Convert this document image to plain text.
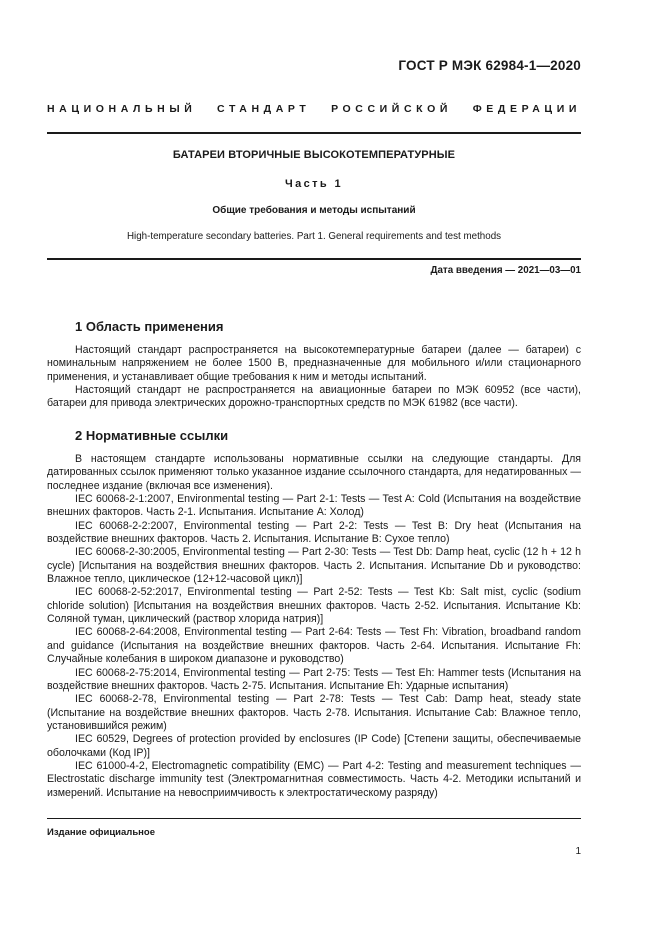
ГОСТ Р МЭК 62984-1—2020
НАЦИОНАЛЬНЫЙ СТАНДАРТ РОССИЙСКОЙ ФЕДЕРАЦИИ
БАТАРЕИ ВТОРИЧНЫЕ ВЫСОКОТЕМПЕРАТУРНЫЕ
Часть 1
Общие требования и методы испытаний
High-temperature secondary batteries. Part 1. General requirements and test methods
Дата введения — 2021—03—01
1 Область применения

Настоящий стандарт распространяется на высокотемпературные батареи (далее — батареи) с номинальным напряжением не более 1500 В, предназначенные для мобильного и/или стационарного применения, и устанавливает общие требования к ним и методы испытаний.

Настоящий стандарт не распространяется на авиационные батареи по МЭК 60952 (все части), батареи для привода электрических дорожно-транспортных средств по МЭК 61982 (все части).

2 Нормативные ссылки

В настоящем стандарте использованы нормативные ссылки на следующие стандарты. Для датированных ссылок применяют только указанное издание ссылочного стандарта, для недатированных — последнее издание (включая все изменения).

IEC 60068-2-1:2007, Environmental testing — Part 2-1: Tests — Test A: Cold (Испытания на воздействие внешних факторов. Часть 2-1. Испытания. Испытание А: Холод)

IEC 60068-2-2:2007, Environmental testing — Part 2-2: Tests — Test B: Dry heat (Испытания на воздействие внешних факторов. Часть 2. Испытания. Испытание В: Сухое тепло)

IEC 60068-2-30:2005, Environmental testing — Part 2-30: Tests — Test Db: Damp heat, cyclic (12 h + 12 h cycle) [Испытания на воздействия внешних факторов. Часть 2. Испытания. Испытание Db и руководство: Влажное тепло, циклическое (12+12-часовой цикл)]

IEC 60068-2-52:2017, Environmental testing — Part 2-52: Tests — Test Kb: Salt mist, cyclic (sodium chloride solution) [Испытания на воздействия внешних факторов. Часть 2-52. Испытания. Испытание Kb: Соляной туман, циклический (раствор хлорида натрия)]

IEC 60068-2-64:2008, Environmental testing — Part 2-64: Tests — Test Fh: Vibration, broadband random and guidance (Испытания на воздействие внешних факторов. Часть 2-64. Испытания. Испытание Fh: Случайные колебания в широком диапазоне и руководство)

IEC 60068-2-75:2014, Environmental testing — Part 2-75: Tests — Test Eh: Hammer tests (Испытания на воздействие внешних факторов. Часть 2-75. Испытания. Испытание Eh: Ударные испытания)

IEC 60068-2-78, Environmental testing — Part 2-78: Tests — Test Cab: Damp heat, steady state (Испытание на воздействие внешних факторов. Часть 2-78. Испытания. Испытание Cab: Влажное тепло, установившийся режим)

IEC 60529, Degrees of protection provided by enclosures (IP Code) [Степени защиты, обеспечиваемые оболочками (Код IP)]

IEC 61000-4-2, Electromagnetic compatibility (EMC) — Part 4-2: Testing and measurement techniques — Electrostatic discharge immunity test (Электромагнитная совместимость. Часть 4-2. Методики испытаний и измерений. Испытание на невосприимчивость к электростатическому разряду)

Издание официальное
1
